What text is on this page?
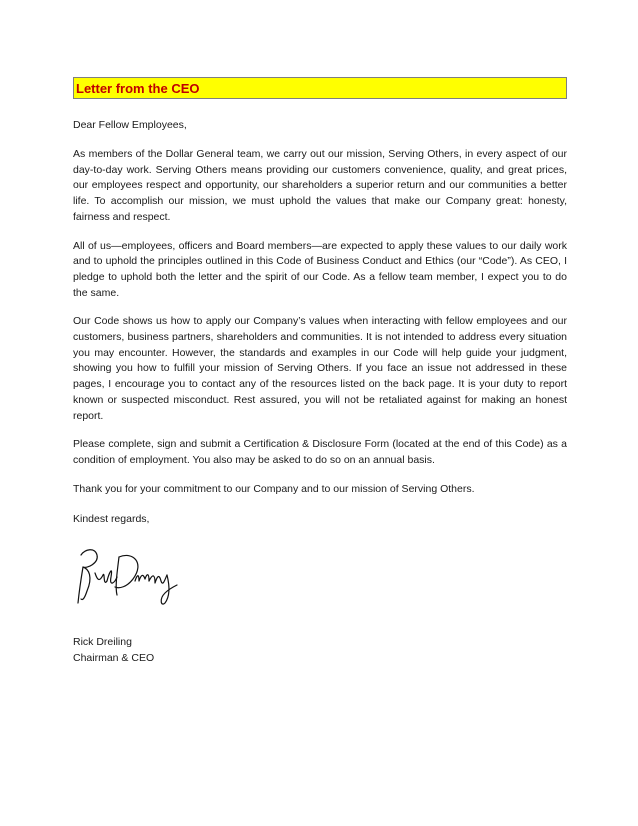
Letter from the CEO
Dear Fellow Employees,

As members of the Dollar General team, we carry out our mission, Serving Others, in every aspect of our day-to-day work. Serving Others means providing our customers convenience, quality, and great prices, our employees respect and opportunity, our shareholders a superior return and our communities a better life. To accomplish our mission, we must uphold the values that make our Company great: honesty, fairness and respect.

All of us—employees, officers and Board members—are expected to apply these values to our daily work and to uphold the principles outlined in this Code of Business Conduct and Ethics (our “Code”). As CEO, I pledge to uphold both the letter and the spirit of our Code. As a fellow team member, I expect you to do the same.

Our Code shows us how to apply our Company’s values when interacting with fellow employees and our customers, business partners, shareholders and communities. It is not intended to address every situation you may encounter. However, the standards and examples in our Code will help guide your judgment, showing you how to fulfill your mission of Serving Others. If you face an issue not addressed in these pages, I encourage you to contact any of the resources listed on the back page. It is your duty to report known or suspected misconduct. Rest assured, you will not be retaliated against for making an honest report.

Please complete, sign and submit a Certification & Disclosure Form (located at the end of this Code) as a condition of employment. You also may be asked to do so on an annual basis.

Thank you for your commitment to our Company and to our mission of Serving Others.

Kindest regards,
Rick Dreiling
Chairman & CEO
